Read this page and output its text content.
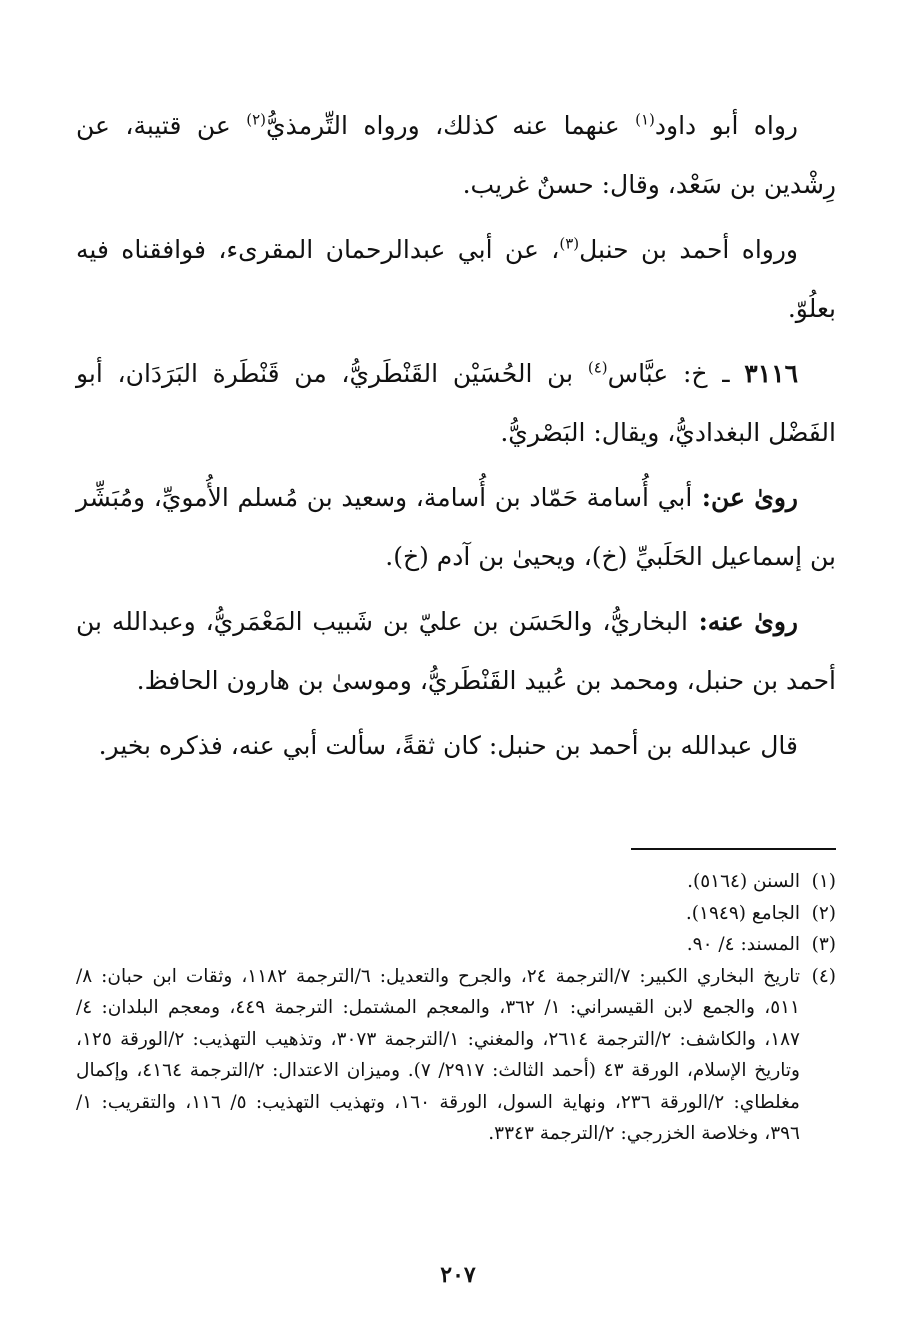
رواه أبو داود$^{(١)}$ عنهما عنه كذلك، ورواه التِّرمذيُّ$^{(٢)}$ عن قتيبة، عن رِشْدين بن سَعْد، وقال: حسنٌ غريب.

ورواه أحمد بن حنبل$^{(٣)}$، عن أبي عبدالرحمان المقرىء، فوافقناه فيه بعلُوّ.

٣١١٦ ـ خ: عبَّاس$^{(٤)}$ بن الحُسَيْن القَنْطَريُّ، من قَنْطَرة البَرَدَان، أبو الفَضْل البغداديُّ، ويقال: البَصْريُّ.

روىٰ عن: أبي أُسامة حَمّاد بن أُسامة، وسعيد بن مُسلم الأُمويِّ، ومُبَشِّر بن إسماعيل الحَلَبيِّ (خ)، ويحيىٰ بن آدم (خ).

روىٰ عنه: البخاريُّ، والحَسَن بن عليّ بن شَبيب المَعْمَريُّ، وعبدالله بن أحمد بن حنبل، ومحمد بن عُبيد القَنْطَريُّ، وموسىٰ بن هارون الحافظ.

قال عبدالله بن أحمد بن حنبل: كان ثقةً، سألت أبي عنه، فذكره بخير.

(١)
السنن (٥١٦٤).
(٢)
الجامع (١٩٤٩).
(٣)
المسند: ٤/ ٩٠.
(٤)
تاريخ البخاري الكبير: ٧/الترجمة ٢٤، والجرح والتعديل: ٦/الترجمة ١١٨٢، وثقات ابن حبان: ٨/ ٥١١، والجمع لابن القيسراني: ١/ ٣٦٢، والمعجم المشتمل: الترجمة ٤٤٩، ومعجم البلدان: ٤/ ١٨٧، والكاشف: ٢/الترجمة ٢٦١٤، والمغني: ١/الترجمة ٣٠٧٣، وتذهيب التهذيب: ٢/الورقة ١٢٥، وتاريخ الإسلام، الورقة ٤٣ (أحمد الثالث: ٢٩١٧/ ٧). وميزان الاعتدال: ٢/الترجمة ٤١٦٤، وإكمال مغلطاي: ٢/الورقة ٢٣٦، ونهاية السول، الورقة ١٦٠، وتهذيب التهذيب: ٥/ ١١٦، والتقريب: ١/ ٣٩٦، وخلاصة الخزرجي: ٢/الترجمة ٣٣٤٣.
٢٠٧
